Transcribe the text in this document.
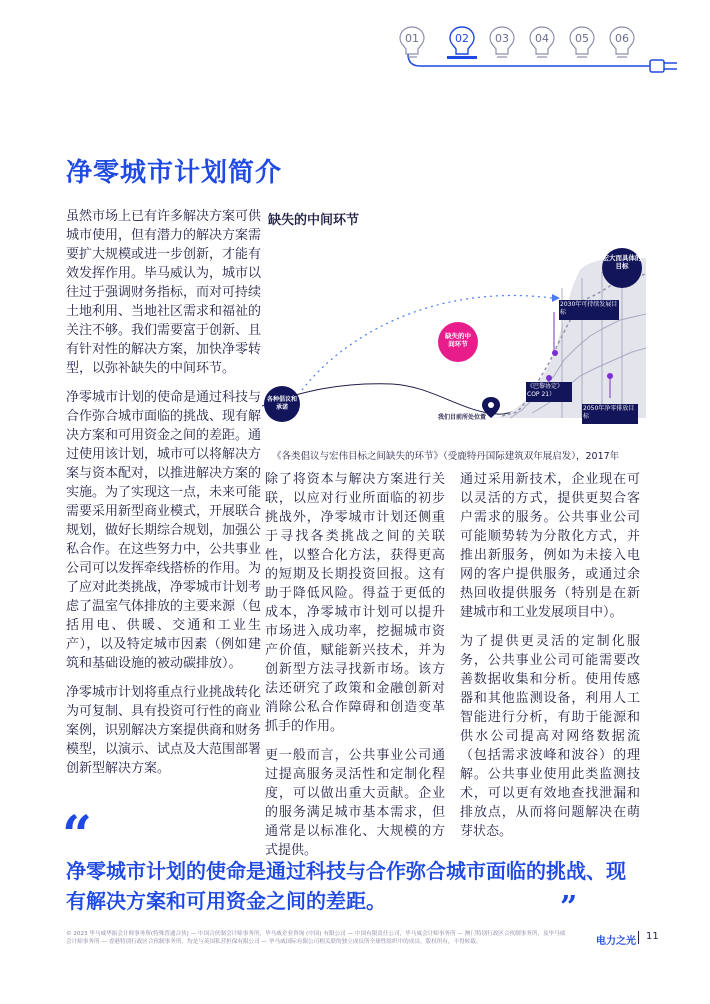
01	02	03	04	05	06
净零城市计划简介

虽然市场上已有许多解决方案可供城市使用，但有潜力的解决方案需要扩大规模或进一步创新，才能有效发挥作用。毕马威认为，城市以往过于强调财务指标，而对可持续土地利用、当地社区需求和福祉的关注不够。我们需要富于创新、且有针对性的解决方案，加快净零转型，以弥补缺失的中间环节。

净零城市计划的使命是通过科技与合作弥合城市面临的挑战、现有解决方案和可用资金之间的差距。通过使用该计划，城市可以将解决方案与资本配对，以推进解决方案的实施。为了实现这一点，未来可能需要采用新型商业模式，开展联合规划，做好长期综合规划，加强公私合作。在这些努力中，公共事业公司可以发挥牵线搭桥的作用。为了应对此类挑战，净零城市计划考虑了温室气体排放的主要来源（包括用电、供暖、交通和工业生产），以及特定城市因素（例如建筑和基础设施的被动碳排放）。

净零城市计划将重点行业挑战转化为可复制、具有投资可行性的商业案例，识别解决方案提供商和财务模型，以演示、试点及大范围部署创新型解决方案。

缺失的中间环节
宏大而具体的目标
2030年可持续发展目标
缺失的中间环节
《巴黎协定》COP 21）
2050年净零排放目标
各种倡议和承诺
我们目前所处位置
《各类倡议与宏伟目标之间缺失的环节》（受鹿特丹国际建筑双年展启发），2017年

除了将资本与解决方案进行关联，以应对行业所面临的初步挑战外，净零城市计划还侧重于寻找各类挑战之间的关联性，以整合化方法，获得更高的短期及长期投资回报。这有助于降低风险。得益于更低的成本，净零城市计划可以提升市场进入成功率，挖掘城市资产价值，赋能新兴技术，并为创新型方法寻找新市场。该方法还研究了政策和金融创新对消除公私合作障碍和创造变革抓手的作用。

更一般而言，公共事业公司通过提高服务灵活性和定制化程度，可以做出重大贡献。企业的服务满足城市基本需求，但通常是以标准化、大规模的方式提供。

通过采用新技术，企业现在可以灵活的方式，提供更契合客户需求的服务。公共事业公司可能顺势转为分散化方式，并推出新服务，例如为未接入电网的客户提供服务，或通过余热回收提供服务（特别是在新建城市和工业发展项目中）。

为了提供更灵活的定制化服务，公共事业公司可能需要改善数据收集和分析。使用传感器和其他监测设备，利用人工智能进行分析，有助于能源和供水公司提高对网络数据流（包括需求波峰和波谷）的理解。公共事业使用此类监测技术，可以更有效地查找泄漏和排放点，从而将问题解决在萌芽状态。

“
净零城市计划的使命是通过科技与合作弥合城市面临的挑战、现有解决方案和可用资金之间的差距。	”
© 2023 毕马威华振会计师事务所(特殊普通合伙) — 中国合伙制会计师事务所，毕马威企业咨询 (中国) 有限公司 — 中国有限责任公司，毕马威会计师事务所 — 澳门特别行政区合伙制事务所，及毕马威会计师事务所 — 香港特别行政区合伙制事务所，均是与英国私营担保有限公司 — 毕马威国际有限公司相关联的独立成员所全球性组织中的成员。版权所有，不得转载。	电力之光 11
